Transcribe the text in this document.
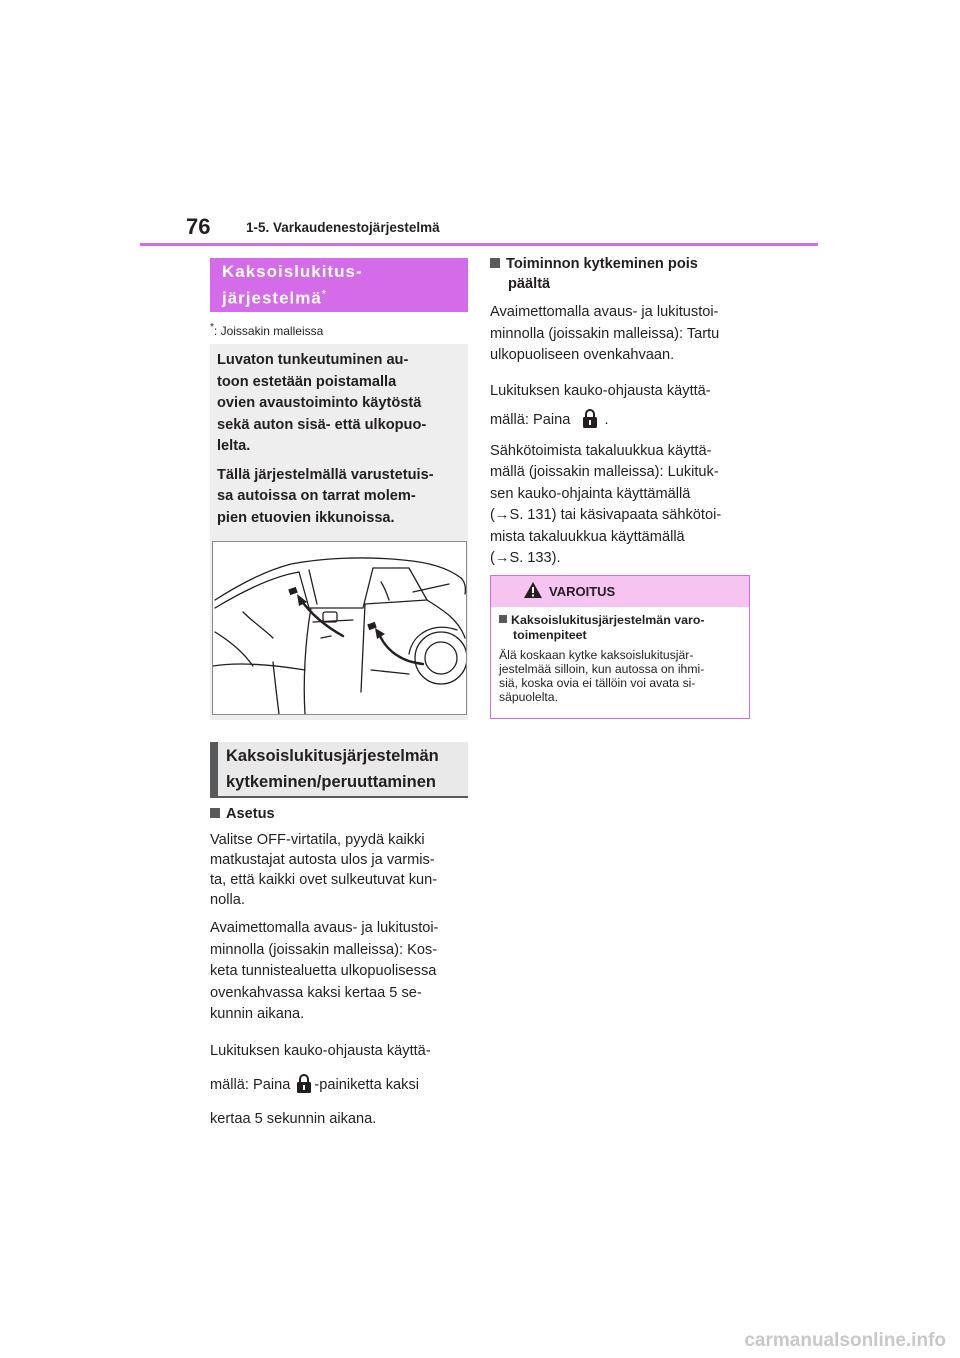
76	1-5. Varkaudenestojärjestelmä
Kaksoislukitus-
järjestelmä*
*: Joissakin malleissa

Luvaton tunkeutuminen au-
toon estetään poistamalla
ovien avaustoiminto käytöstä
sekä auton sisä- että ulkopuo-
lelta.

Tällä järjestelmällä varustetuis-
sa autoissa on tarrat molem-
pien etuovien ikkunoissa.

Kaksoislukitusjärjestelmän
kytkeminen/peruuttaminen
Asetus

Valitse OFF-virtatila, pyydä kaikki
matkustajat autosta ulos ja varmis-
ta, että kaikki ovet sulkeutuvat kun-
nolla.

Avaimettomalla avaus- ja lukitustoi-
minnolla (joissakin malleissa): Kos-
keta tunnistealuetta ulkopuolisessa
ovenkahvassa kaksi kertaa 5 se-
kunnin aikana.

Lukituksen kauko-ohjausta käyttä-
mällä: Paina -painiketta kaksi
kertaa 5 sekunnin aikana.

Toiminnon kytkeminen pois
päältä

Avaimettomalla avaus- ja lukitustoi-
minnolla (joissakin malleissa): Tartu
ulkopuoliseen ovenkahvaan.

Lukituksen kauko-ohjausta käyttä-
mällä: Paina .

Sähkötoimista takaluukkua käyttä-
mällä (joissakin malleissa): Lukituk-
sen kauko-ohjainta käyttämällä
(→S. 131) tai käsivapaata sähkötoi-
mista takaluukkua käyttämällä
(→S. 133).

VAROITUS
Kaksoislukitusjärjestelmän varo-
toimenpiteet

Älä koskaan kytke kaksoislukitusjär-
jestelmää silloin, kun autossa on ihmi-
siä, koska ovia ei tällöin voi avata si-
säpuolelta.

carmanualsonline.info
